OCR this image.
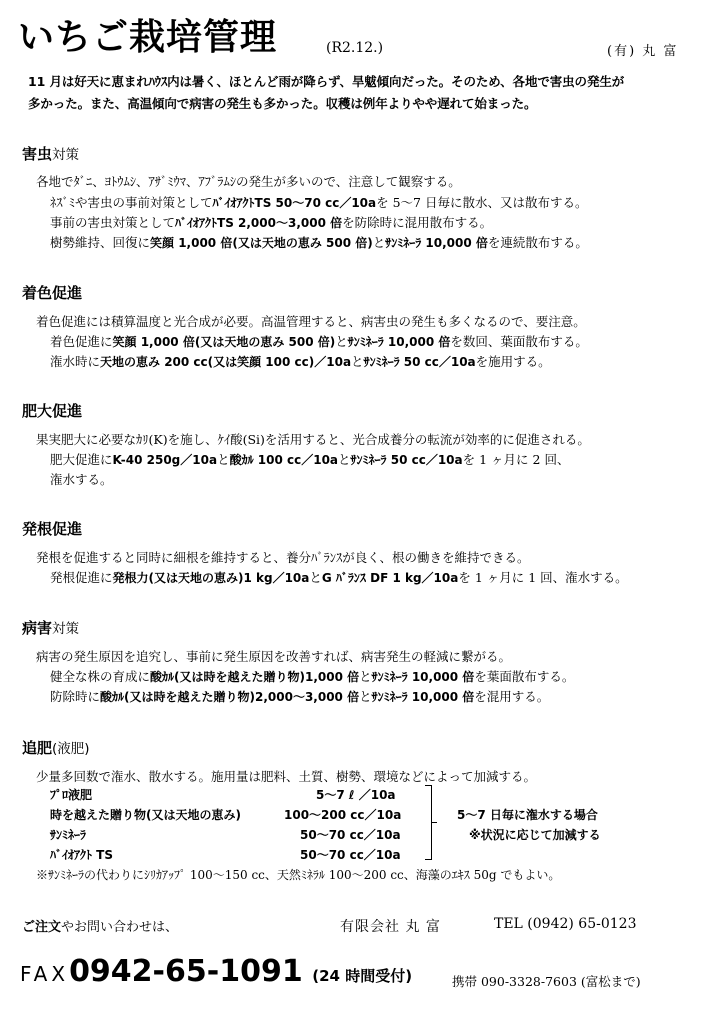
いちご栽培管理	(R2.12.)	(有) 丸 富
11 月は好天に恵まれﾊｳｽ内は暑く、ほとんど雨が降らず、旱魃傾向だった。そのため、各地で害虫の発生が
多かった。また、高温傾向で病害の発生も多かった。収穫は例年よりやや遅れて始まった。
害虫対策
各地でﾀﾞﾆ、ﾖﾄｳﾑｼ、ｱｻﾞﾐｳﾏ、ｱﾌﾞﾗﾑｼの発生が多いので、注意して観察する。
ﾈｽﾞﾐや害虫の事前対策としてﾊﾞｲｵｱｸﾄTS 50～70 cc／10aを 5～7 日毎に散水、又は散布する。
事前の害虫対策としてﾊﾞｲｵｱｸﾄTS 2,000～3,000 倍を防除時に混用散布する。
樹勢維持、回復に笑顔 1,000 倍(又は天地の恵み 500 倍)とｻﾝﾐﾈｰﾗ 10,000 倍を連続散布する。
着色促進
着色促進には積算温度と光合成が必要。高温管理すると、病害虫の発生も多くなるので、要注意。
着色促進に笑顔 1,000 倍(又は天地の恵み 500 倍)とｻﾝﾐﾈｰﾗ 10,000 倍を数回、葉面散布する。
潅水時に天地の恵み 200 cc(又は笑顔 100 cc)／10aとｻﾝﾐﾈｰﾗ 50 cc／10aを施用する。
肥大促進
果実肥大に必要なｶﾘ(K)を施し、ｹｲ酸(Si)を活用すると、光合成養分の転流が効率的に促進される。
肥大促進にK-40 250g／10aと酸ｶﾙ 100 cc／10aとｻﾝﾐﾈｰﾗ 50 cc／10aを 1 ヶ月に 2 回、
潅水する。
発根促進
発根を促進すると同時に細根を維持すると、養分ﾊﾞﾗﾝｽが良く、根の働きを維持できる。
発根促進に発根力(又は天地の恵み)1 kg／10aとG ﾊﾞﾗﾝｽ DF 1 kg／10aを 1 ヶ月に 1 回、潅水する。
病害対策
病害の発生原因を追究し、事前に発生原因を改善すれば、病害発生の軽減に繋がる。
健全な株の育成に酸ｶﾙ(又は時を越えた贈り物)1,000 倍とｻﾝﾐﾈｰﾗ 10,000 倍を葉面散布する。
防除時に酸ｶﾙ(又は時を越えた贈り物)2,000～3,000 倍とｻﾝﾐﾈｰﾗ 10,000 倍を混用する。
追肥(液肥)
少量多回数で潅水、散水する。施用量は肥料、土質、樹勢、環境などによって加減する。
ﾌﾟﾛ液肥	5～7 ℓ ／10a
時を越えた贈り物(又は天地の恵み)	100～200 cc／10a
ｻﾝﾐﾈｰﾗ	50～70 cc／10a
ﾊﾞｲｵｱｸﾄ TS	50～70 cc／10a
5～7 日毎に潅水する場合
※状況に応じて加減する
※ｻﾝﾐﾈｰﾗの代わりにｼﾘｶｱｯﾌﾟ 100～150 cc、天然ﾐﾈﾗﾙ 100～200 cc、海藻のｴｷｽ 50g でもよい。
ご注文やお問い合わせは、	有限会社 丸 富	TEL (0942) 65-0123
FAX0942-65-1091 (24 時間受付)	携帯 090-3328-7603 (富松まで)
